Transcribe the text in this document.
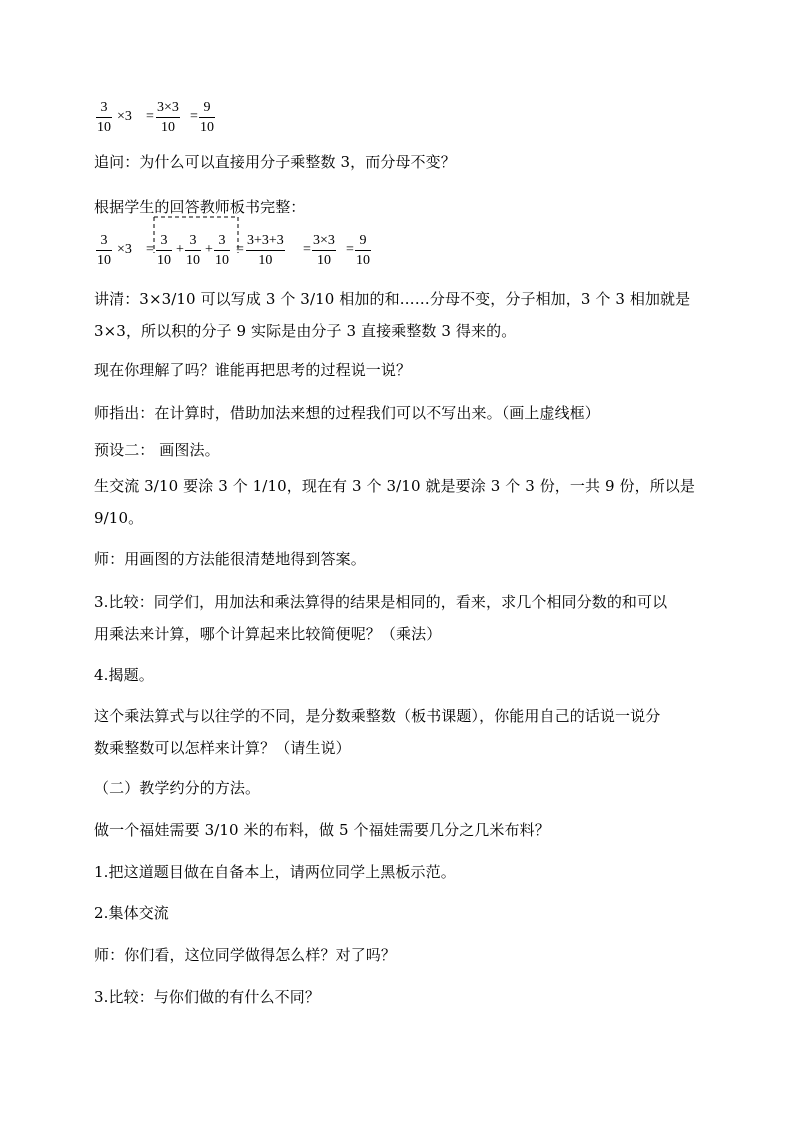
3
10
×3 =
3×3
10
=
9
10
追问：为什么可以直接用分子乘整数 3，而分母不变？
根据学生的回答教师板书完整：
3
10
×3 =
3
10
+
3
10
+
3
10
=
3+3+3
10
=
3×3
10
=
9
10
讲清：3×3/10 可以写成 3 个 3/10 相加的和……分母不变，分子相加，3 个 3 相加就是
3×3，所以积的分子 9 实际是由分子 3 直接乘整数 3 得来的。
现在你理解了吗？谁能再把思考的过程说一说？
师指出：在计算时，借助加法来想的过程我们可以不写出来。（画上虚线框）
预设二： 画图法。
生交流 3/10 要涂 3 个 1/10，现在有 3 个 3/10 就是要涂 3 个 3 份，一共 9 份，所以是
9/10。
师：用画图的方法能很清楚地得到答案。
3.比较：同学们，用加法和乘法算得的结果是相同的，看来，求几个相同分数的和可以
用乘法来计算，哪个计算起来比较简便呢？（乘法）
4.揭题。
这个乘法算式与以往学的不同，是分数乘整数（板书课题），你能用自己的话说一说分
数乘整数可以怎样来计算？（请生说）
（二）教学约分的方法。
做一个福娃需要 3/10 米的布料，做 5 个福娃需要几分之几米布料？
1.把这道题目做在自备本上，请两位同学上黑板示范。
2.集体交流
师：你们看，这位同学做得怎么样？对了吗？
3.比较：与你们做的有什么不同？
